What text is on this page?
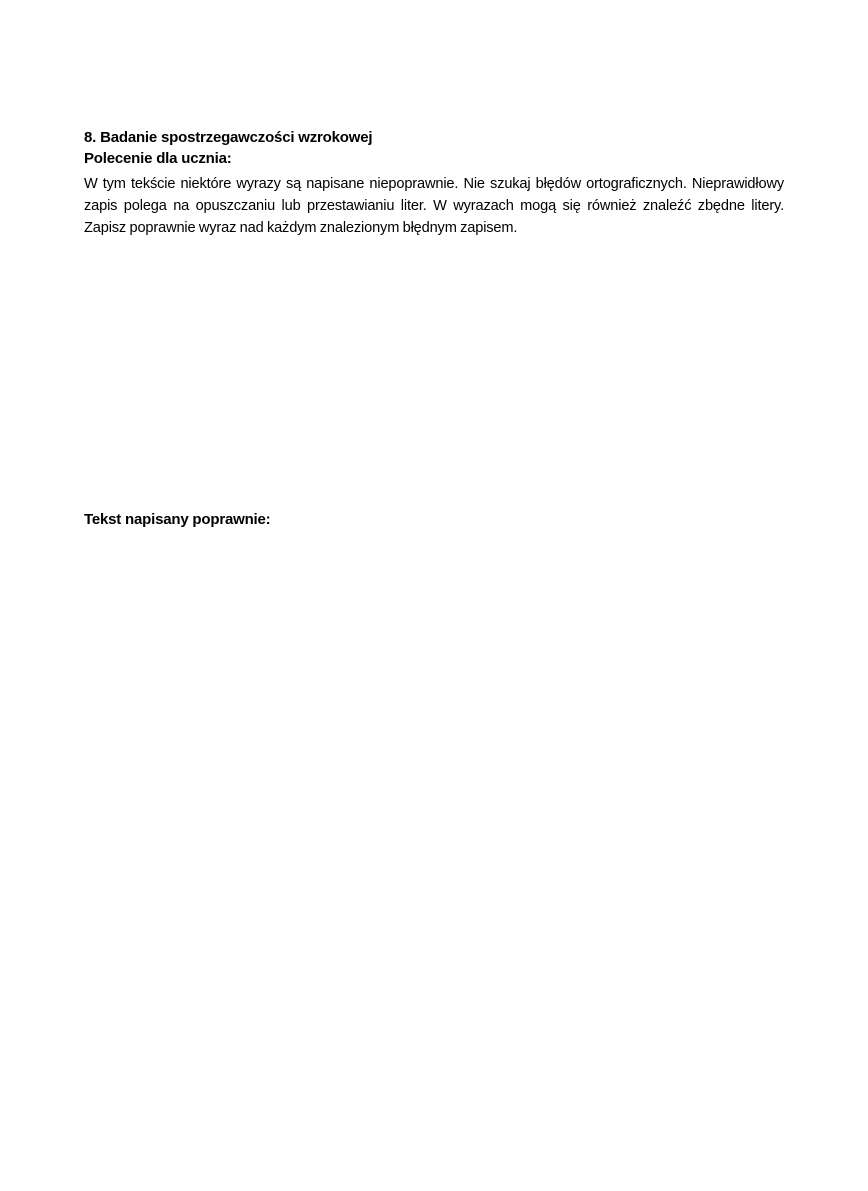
8. Badanie spostrzegawczości wzrokowej
Polecenie dla ucznia:

W tym tekście niektóre wyrazy są napisane niepoprawnie. Nie szukaj błędów ortograficznych. Nieprawidłowy zapis polega na opuszczaniu lub przestawianiu liter. W wyrazach mogą się również znaleźć zbędne litery. Zapisz poprawnie wyraz nad każdym znalezionym błędnym zapisem.

Tekst napisany poprawnie:
